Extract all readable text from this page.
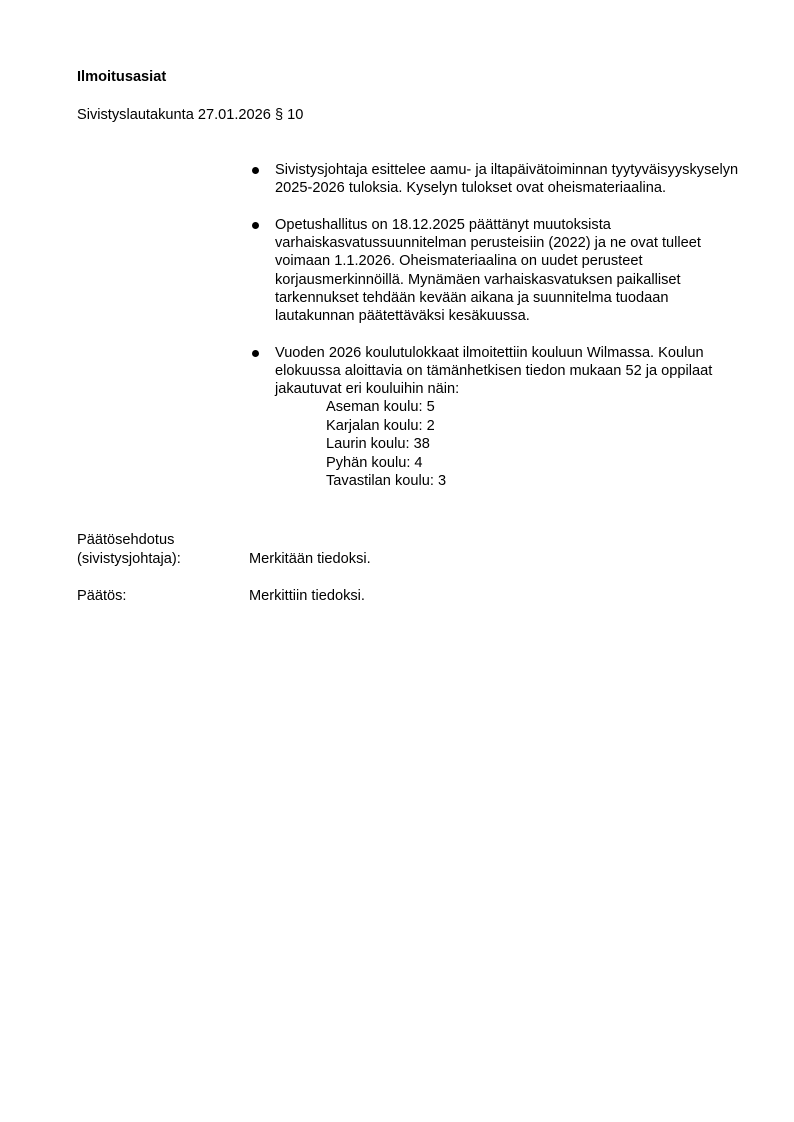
Ilmoitusasiat
Sivistyslautakunta 27.01.2026 § 10
Sivistysjohtaja esittelee aamu- ja iltapäivätoiminnan tyytyväisyyskyselyn 2025-2026 tuloksia. Kyselyn tulokset ovat oheismateriaalina.
Opetushallitus on 18.12.2025 päättänyt muutoksista varhaiskasvatussuunnitelman perusteisiin (2022) ja ne ovat tulleet voimaan 1.1.2026. Oheismateriaalina on uudet perusteet korjausmerkinnöillä. Mynämäen varhaiskasvatuksen paikalliset tarkennukset tehdään kevään aikana ja suunnitelma tuodaan lautakunnan päätettäväksi kesäkuussa.
Vuoden 2026 koulutulokkaat ilmoitettiin kouluun Wilmassa. Koulun elokuussa aloittavia on tämänhetkisen tiedon mukaan 52 ja oppilaat jakautuvat eri kouluihin näin:
Aseman koulu: 5
Karjalan koulu: 2
Laurin koulu: 38
Pyhän koulu: 4
Tavastilan koulu: 3
Päätösehdotus
(sivistysjohtaja):	Merkitään tiedoksi.
Päätös:	Merkittiin tiedoksi.
